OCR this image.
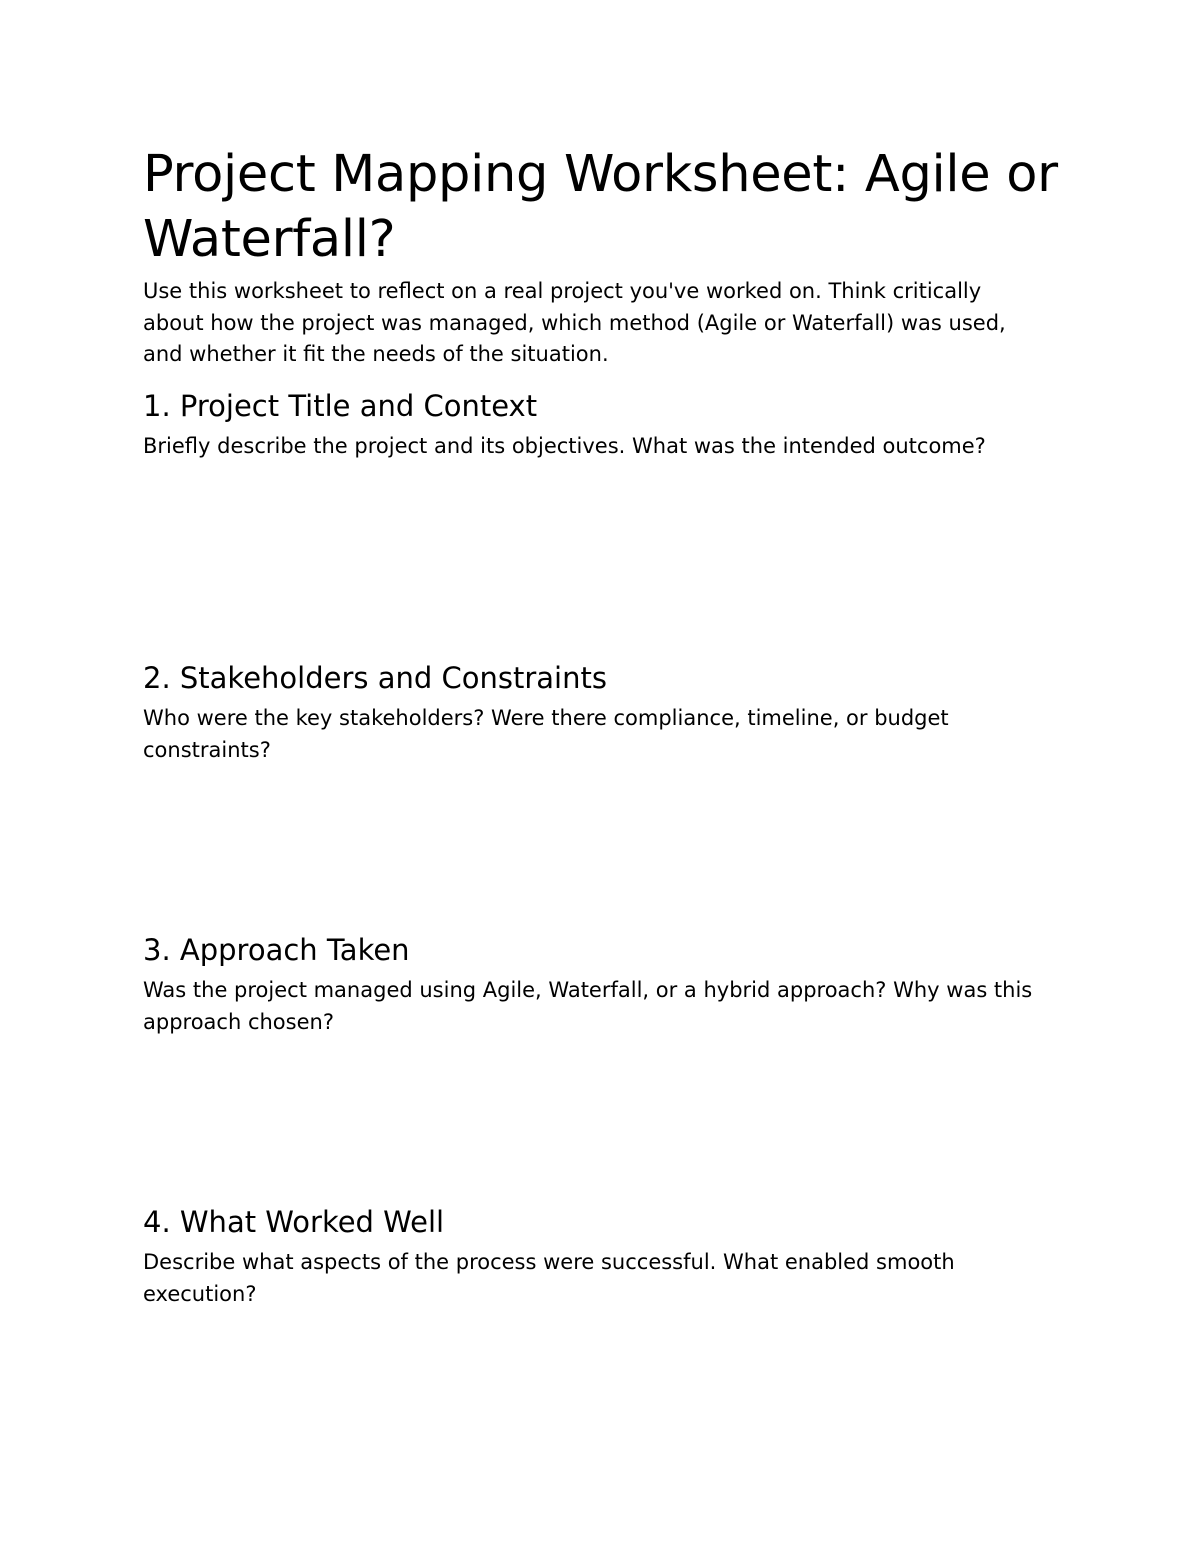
Project Mapping Worksheet: Agile or Waterfall?

Use this worksheet to reflect on a real project you've worked on. Think critically about how the project was managed, which method (Agile or Waterfall) was used, and whether it fit the needs of the situation.

1. Project Title and Context

Briefly describe the project and its objectives. What was the intended outcome?

2. Stakeholders and Constraints

Who were the key stakeholders? Were there compliance, timeline, or budget constraints?

3. Approach Taken

Was the project managed using Agile, Waterfall, or a hybrid approach? Why was this approach chosen?

4. What Worked Well

Describe what aspects of the process were successful. What enabled smooth execution?
